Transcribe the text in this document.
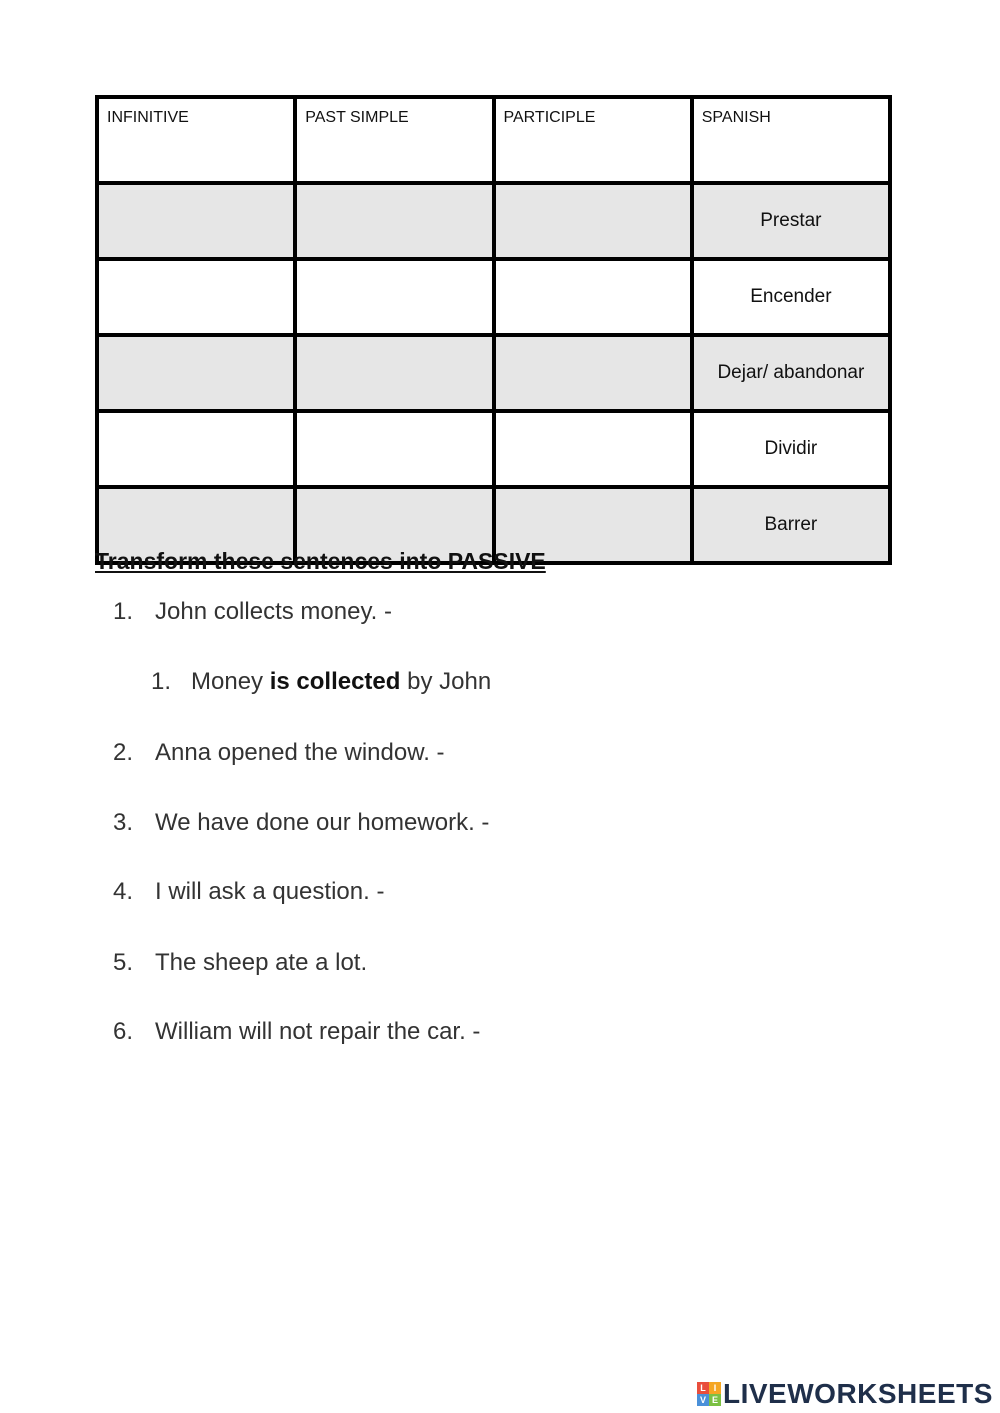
INFINITIVE	PAST SIMPLE	PARTICIPLE	SPANISH
			Prestar
			Encender
			Dejar/ abandonar
			Dividir
			Barrer
Transform these sentences into PASSIVE
1. John collects money. -
1. Money is collected by John
2. Anna opened the window. -
3. We have done our homework. -
4. I will ask a question. -
5. The sheep ate a lot.
6. William will not repair the car. -
L I
V E LIVEWORKSHEETS
